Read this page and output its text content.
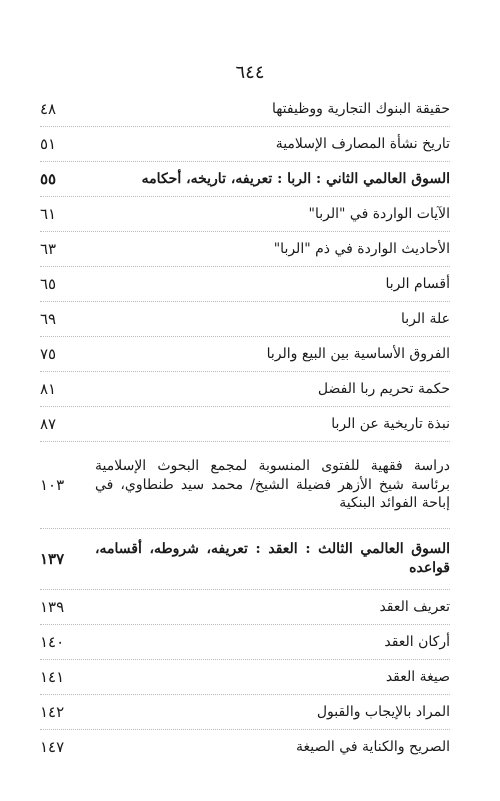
٦٤٤
حقيقة البنوك التجارية ووظيفتها
٤٨
تاريخ نشأة المصارف الإسلامية
٥١
السوق العالمي الثاني : الربا : تعريفه، تاريخه، أحكامه
٥٥
الآيات الواردة في "الربا"
٦١
الأحاديث الواردة في ذم "الربا"
٦٣
أقسام الربا
٦٥
علة الربا
٦٩
الفروق الأساسية بين البيع والربا
٧٥
حكمة تحريم ربا الفضل
٨١
نبذة تاريخية عن الربا
٨٧
دراسة فقهية للفتوى المنسوبة لمجمع البحوث الإسلامية برئاسة شيخ الأزهر فضيلة الشيخ/ محمد سيد طنطاوي، في إباحة الفوائد البنكية
١٠٣
السوق العالمي الثالث : العقد : تعريفه، شروطه، أقسامه، قواعده
١٣٧
تعريف العقد
١٣٩
أركان العقد
١٤٠
صيغة العقد
١٤١
المراد بالإيجاب والقبول
١٤٢
الصريح والكناية في الصيغة
١٤٧
